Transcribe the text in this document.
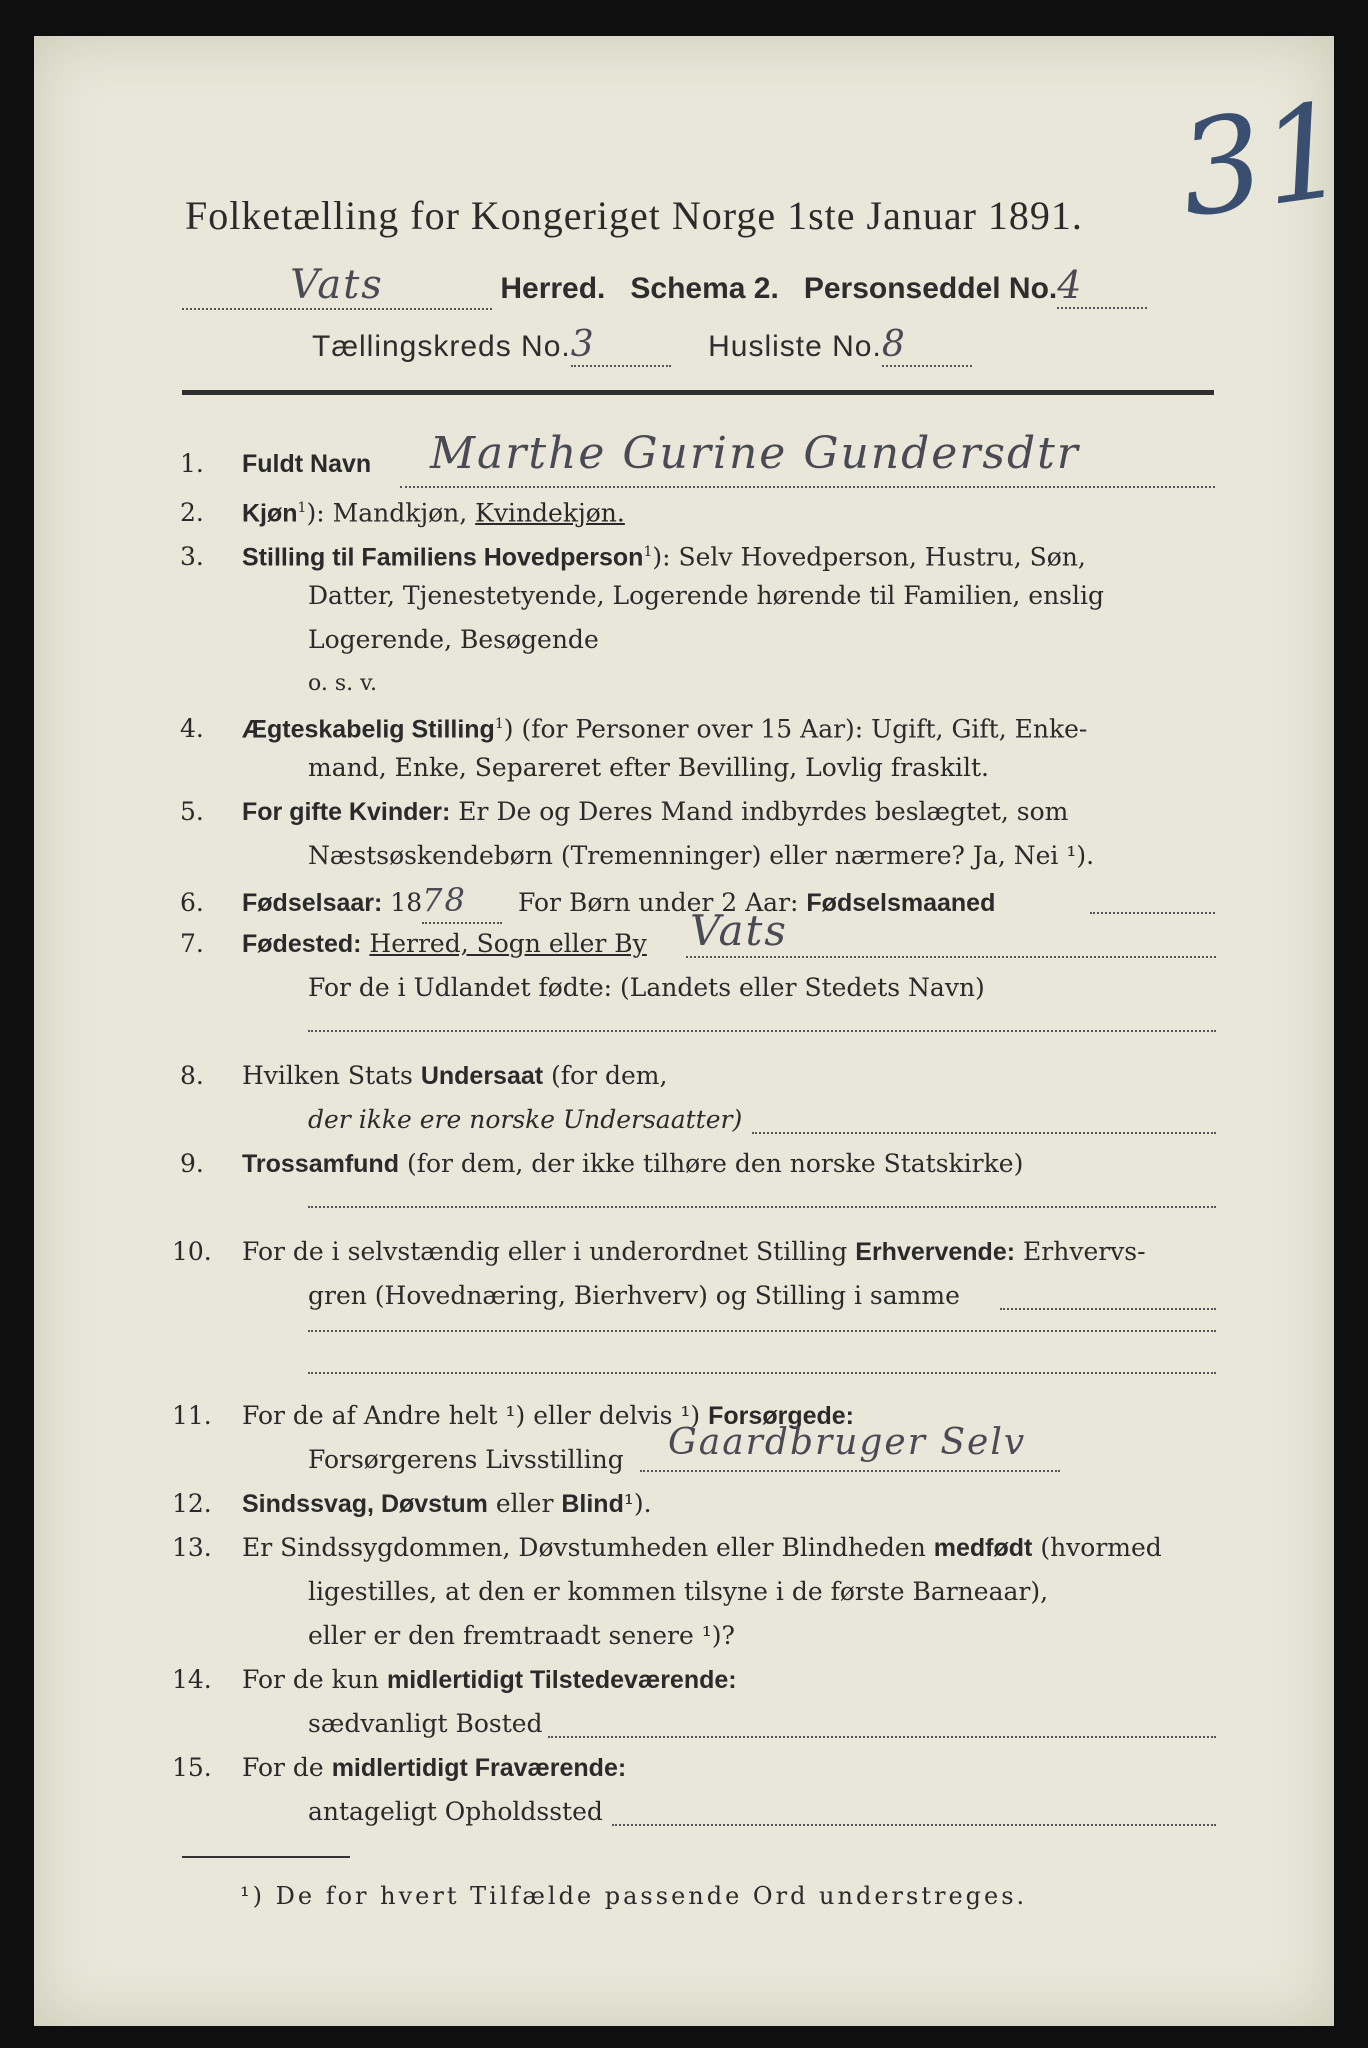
Folketælling for Kongeriget Norge 1ste Januar 1891. 31
Vats	Herred. Schema 2. Personseddel No.4
Tællingskreds No.3	Husliste No.8
1. Fuldt Navn Marthe Gurine Gundersdtr
2. Kjøn$^1$): Mandkjøn, Kvindekjøn.
3. Stilling til Familiens Hovedperson$^1$): Selv Hovedperson, Hustru, Søn,
Datter, Tjenestetyende, Logerende hørende til Familien, enslig
Logerende, Besøgende
o. s. v.
4. Ægteskabelig Stilling$^1$) (for Personer over 15 Aar): Ugift, Gift, Enke-
mand, Enke, Separeret efter Bevilling, Lovlig fraskilt.
5. For gifte Kvinder: Er De og Deres Mand indbyrdes beslægtet, som
Næstsøskendebørn (Tremenninger) eller nærmere? Ja, Nei ¹).
6. Fødselsaar: 1878 For Børn under 2 Aar: Fødselsmaaned
7. Fødested: Herred, Sogn eller By Vats
For de i Udlandet fødte: (Landets eller Stedets Navn)
8. Hvilken Stats Undersaat (for dem,
der ikke ere norske Undersaatter)
9. Trossamfund (for dem, der ikke tilhøre den norske Statskirke)
10. For de i selvstændig eller i underordnet Stilling Erhvervende: Erhvervs-
gren (Hovednæring, Bierhverv) og Stilling i samme
11. For de af Andre helt ¹) eller delvis ¹) Forsørgede:
Forsørgerens Livsstilling Gaardbruger Selv
12. Sindssvag, Døvstum eller Blind¹).
13. Er Sindssygdommen, Døvstumheden eller Blindheden medfødt (hvormed
ligestilles, at den er kommen tilsyne i de første Barneaar),
eller er den fremtraadt senere ¹)?
14. For de kun midlertidigt Tilstedeværende:
sædvanligt Bosted
15. For de midlertidigt Fraværende:
antageligt Opholdssted
¹) De for hvert Tilfælde passende Ord understreges.
